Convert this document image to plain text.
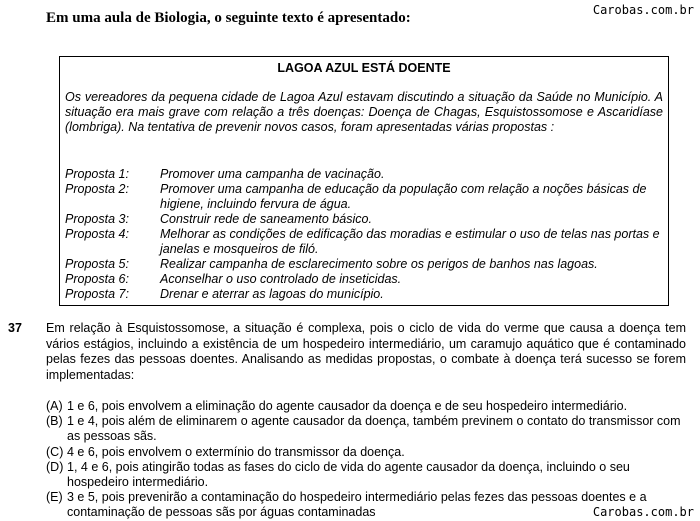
Carobas.com.br
Em uma aula de Biologia, o seguinte texto é apresentado:
LAGOA AZUL ESTÁ DOENTE
Os vereadores da pequena cidade de Lagoa Azul estavam discutindo a situação da Saúde no Município. A situação era mais grave com relação a três doenças: Doença de Chagas, Esquistossomose e Ascaridíase (lombriga). Na tentativa de prevenir novos casos, foram apresentadas várias propostas :
Proposta 1:	Promover uma campanha de vacinação.
Proposta 2:	Promover uma campanha de educação da população com relação a noções básicas de higiene, incluindo fervura de água.
Proposta 3:	Construir rede de saneamento básico.
Proposta 4:	Melhorar as condições de edificação das moradias e estimular o uso de telas nas portas e janelas e mosqueiros de filó.
Proposta 5:	Realizar campanha de esclarecimento sobre os perigos de banhos nas lagoas.
Proposta 6:	Aconselhar o uso controlado de inseticidas.
Proposta 7:	Drenar e aterrar as lagoas do município.
37 Em relação à Esquistossomose, a situação é complexa, pois o ciclo de vida do verme que causa a doença tem vários estágios, incluindo a existência de um hospedeiro intermediário, um caramujo aquático que é contaminado pelas fezes das pessoas doentes. Analisando as medidas propostas, o combate à doença terá sucesso se forem implementadas:
(A) 1 e 6, pois envolvem a eliminação do agente causador da doença e de seu hospedeiro intermediário.
(B) 1 e 4, pois além de eliminarem o agente causador da doença, também previnem o contato do transmissor com as pessoas sãs.
(C) 4 e 6, pois envolvem o extermínio do transmissor da doença.
(D) 1, 4 e 6, pois atingirão todas as fases do ciclo de vida do agente causador da doença, incluindo o seu hospedeiro intermediário.
(E) 3 e 5, pois prevenirão a contaminação do hospedeiro intermediário pelas fezes das pessoas doentes e a contaminação de pessoas sãs por águas contaminadas	Carobas.com.br
